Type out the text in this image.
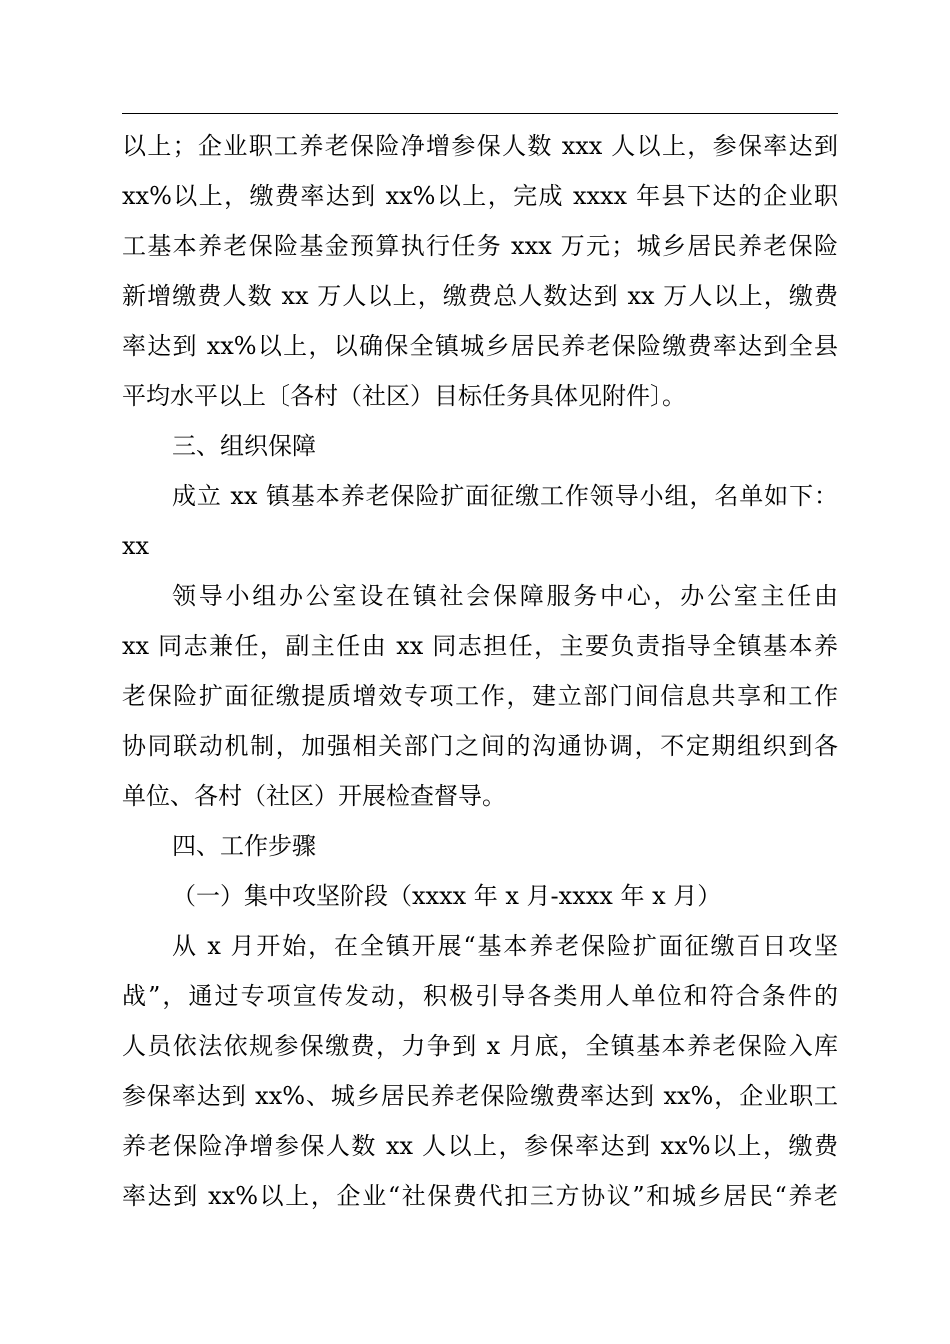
以上；企业职工养老保险净增参保人数 xxx 人以上，参保率达到
xx%以上，缴费率达到 xx%以上，完成 xxxx 年县下达的企业职
工基本养老保险基金预算执行任务 xxx 万元；城乡居民养老保险
新增缴费人数 xx 万人以上，缴费总人数达到 xx 万人以上，缴费
率达到 xx%以上，以确保全镇城乡居民养老保险缴费率达到全县
平均水平以上〔各村（社区）目标任务具体见附件〕。
三、组织保障
成立 xx 镇基本养老保险扩面征缴工作领导小组，名单如下：
xx
领导小组办公室设在镇社会保障服务中心，办公室主任由
xx 同志兼任，副主任由 xx 同志担任，主要负责指导全镇基本养
老保险扩面征缴提质增效专项工作，建立部门间信息共享和工作
协同联动机制，加强相关部门之间的沟通协调，不定期组织到各
单位、各村（社区）开展检查督导。
四、工作步骤
（一）集中攻坚阶段（xxxx 年 x 月-xxxx 年 x 月）
从 x 月开始，在全镇开展“基本养老保险扩面征缴百日攻坚
战”，通过专项宣传发动，积极引导各类用人单位和符合条件的
人员依法依规参保缴费，力争到 x 月底，全镇基本养老保险入库
参保率达到 xx%、城乡居民养老保险缴费率达到 xx%，企业职工
养老保险净增参保人数 xx 人以上，参保率达到 xx%以上，缴费
率达到 xx%以上，企业“社保费代扣三方协议”和城乡居民“养老
